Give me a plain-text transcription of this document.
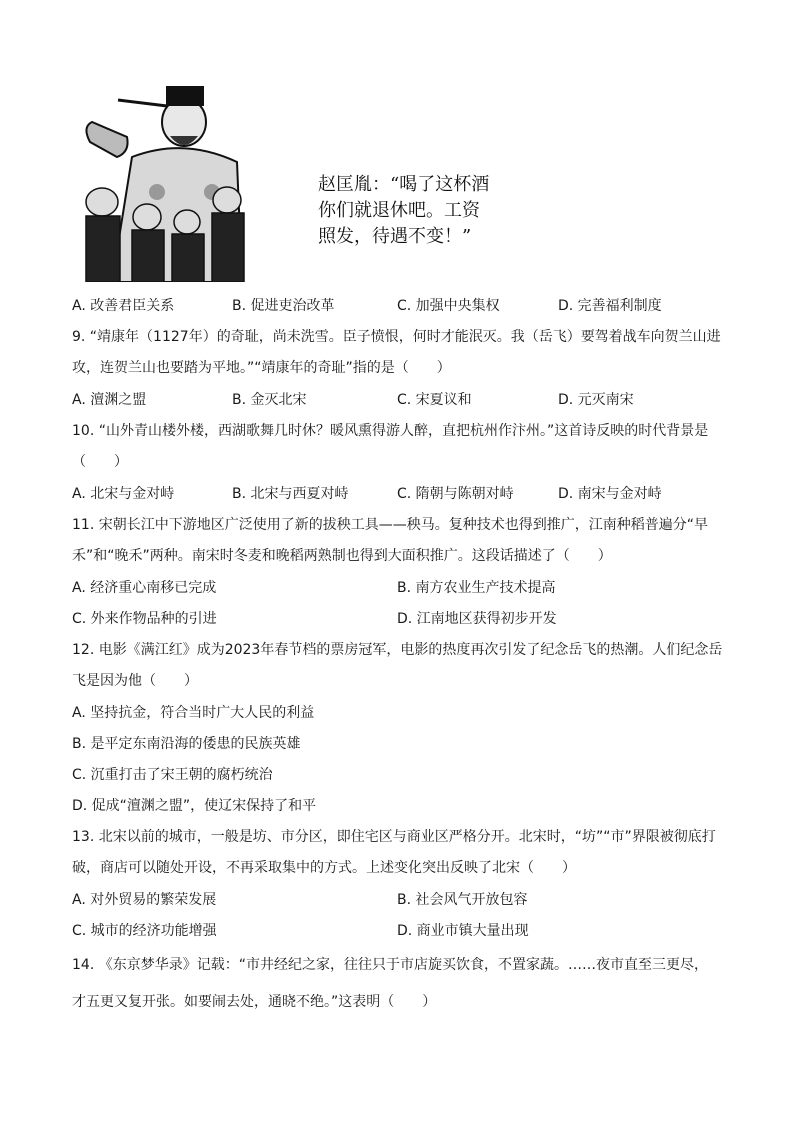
赵匡胤：“喝了这杯酒你们就退休吧。工资照发，待遇不变！”
A. 改善君臣关系	B. 促进吏治改革	C. 加强中央集权	D. 完善福利制度
9. “靖康年（1127年）的奇耻，尚未洗雪。臣子愤恨，何时才能泯灭。我（岳飞）要驾着战车向贺兰山进攻，连贺兰山也要踏为平地。”“靖康年的奇耻”指的是（　　）
A. 澶渊之盟	B. 金灭北宋	C. 宋夏议和	D. 元灭南宋
10. “山外青山楼外楼，西湖歌舞几时休？暖风熏得游人醉，直把杭州作汴州。”这首诗反映的时代背景是（　　）
A. 北宋与金对峙	B. 北宋与西夏对峙	C. 隋朝与陈朝对峙	D. 南宋与金对峙
11. 宋朝长江中下游地区广泛使用了新的拔秧工具——秧马。复种技术也得到推广，江南种稻普遍分“早禾”和“晚禾”两种。南宋时冬麦和晚稻两熟制也得到大面积推广。这段话描述了（　　）
A. 经济重心南移已完成	B. 南方农业生产技术提高
C. 外来作物品种的引进	D. 江南地区获得初步开发
12. 电影《满江红》成为2023年春节档的票房冠军，电影的热度再次引发了纪念岳飞的热潮。人们纪念岳飞是因为他（　　）
A. 坚持抗金，符合当时广大人民的利益
B. 是平定东南沿海的倭患的民族英雄
C. 沉重打击了宋王朝的腐朽统治
D. 促成“澶渊之盟”，使辽宋保持了和平
13. 北宋以前的城市，一般是坊、市分区，即住宅区与商业区严格分开。北宋时，“坊”“市”界限被彻底打破，商店可以随处开设，不再采取集中的方式。上述变化突出反映了北宋（　　）
A. 对外贸易的繁荣发展	B. 社会风气开放包容
C. 城市的经济功能增强	D. 商业市镇大量出现
14. 《东京梦华录》记载：“市井经纪之家，往往只于市店旋买饮食，不置家蔬。……夜市直至三更尽，
才五更又复开张。如要闹去处，通晓不绝。”这表明（　　）
